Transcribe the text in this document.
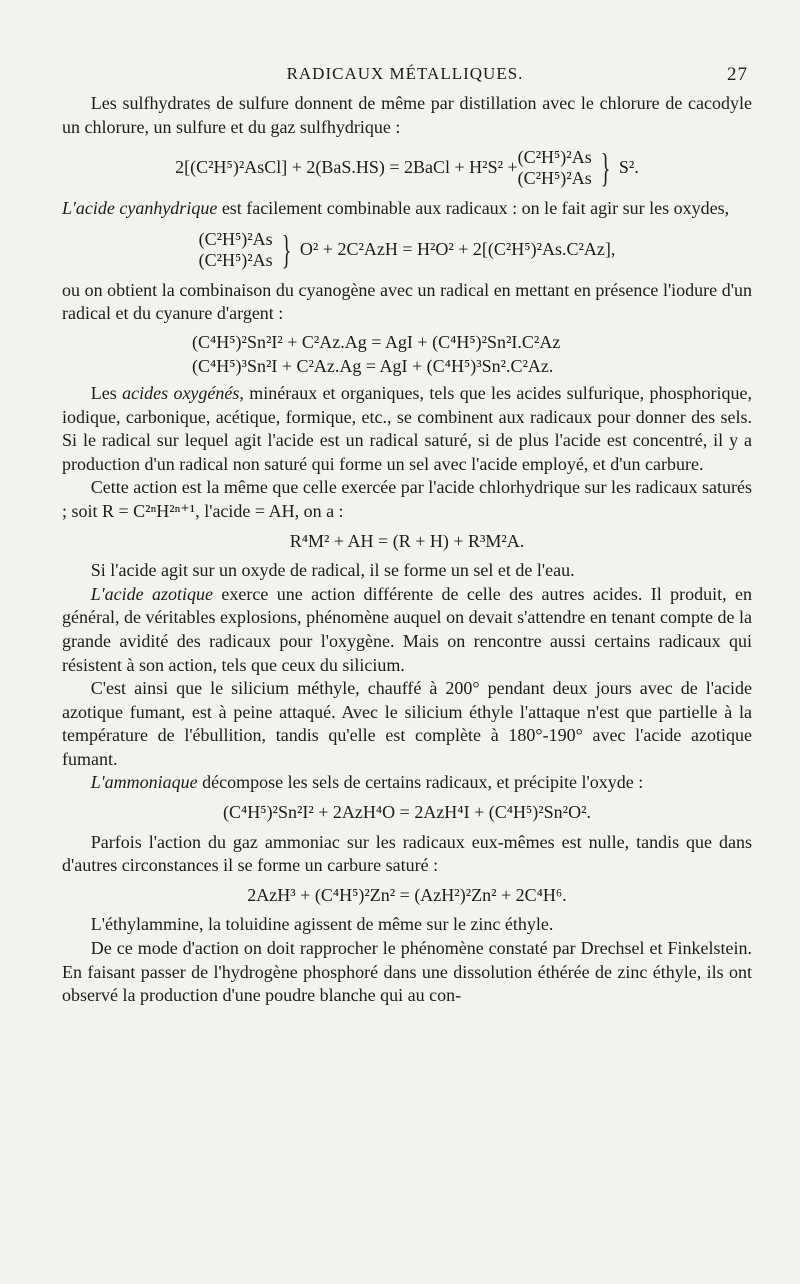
RADICAUX MÉTALLIQUES.	27

Les sulfhydrates de sulfure donnent de même par distillation avec le chlorure de cacodyle un chlorure, un sulfure et du gaz sulfhydrique :

2[(C²H⁵)²AsCl] + 2(BaS.HS) = 2BaCl + H²S² +
(C²H⁵)²As
(C²H⁵)²As } S².

L'acide cyanhydrique est facilement combinable aux radicaux : on le fait agir sur les oxydes,

(C²H⁵)²As
(C²H⁵)²As } O² + 2C²AzH = H²O² + 2[(C²H⁵)²As.C²Az],

ou on obtient la combinaison du cyanogène avec un radical en mettant en présence l'iodure d'un radical et du cyanure d'argent :

(C⁴H⁵)²Sn²I² + C²Az.Ag = AgI + (C⁴H⁵)²Sn²I.C²Az
(C⁴H⁵)³Sn²I + C²Az.Ag = AgI + (C⁴H⁵)³Sn².C²Az.

Les acides oxygénés, minéraux et organiques, tels que les acides sulfurique, phosphorique, iodique, carbonique, acétique, formique, etc., se combinent aux radicaux pour donner des sels. Si le radical sur lequel agit l'acide est un radical saturé, si de plus l'acide est concentré, il y a production d'un radical non saturé qui forme un sel avec l'acide employé, et d'un carbure.

Cette action est la même que celle exercée par l'acide chlorhydrique sur les radicaux saturés ; soit R = C²ⁿH²ⁿ⁺¹, l'acide = AH, on a :

R⁴M² + AH = (R + H) + R³M²A.

Si l'acide agit sur un oxyde de radical, il se forme un sel et de l'eau.

L'acide azotique exerce une action différente de celle des autres acides. Il produit, en général, de véritables explosions, phénomène auquel on devait s'attendre en tenant compte de la grande avidité des radicaux pour l'oxygène. Mais on rencontre aussi certains radicaux qui résistent à son action, tels que ceux du silicium.

C'est ainsi que le silicium méthyle, chauffé à 200° pendant deux jours avec de l'acide azotique fumant, est à peine attaqué. Avec le silicium éthyle l'attaque n'est que partielle à la température de l'ébullition, tandis qu'elle est complète à 180°-190° avec l'acide azotique fumant.

L'ammoniaque décompose les sels de certains radicaux, et précipite l'oxyde :

(C⁴H⁵)²Sn²I² + 2AzH⁴O = 2AzH⁴I + (C⁴H⁵)²Sn²O².

Parfois l'action du gaz ammoniac sur les radicaux eux-mêmes est nulle, tandis que dans d'autres circonstances il se forme un carbure saturé :

2AzH³ + (C⁴H⁵)²Zn² = (AzH²)²Zn² + 2C⁴H⁶.

L'éthylammine, la toluidine agissent de même sur le zinc éthyle.

De ce mode d'action on doit rapprocher le phénomène constaté par Drechsel et Finkelstein. En faisant passer de l'hydrogène phosphoré dans une dissolution éthérée de zinc éthyle, ils ont observé la production d'une poudre blanche qui au con-
